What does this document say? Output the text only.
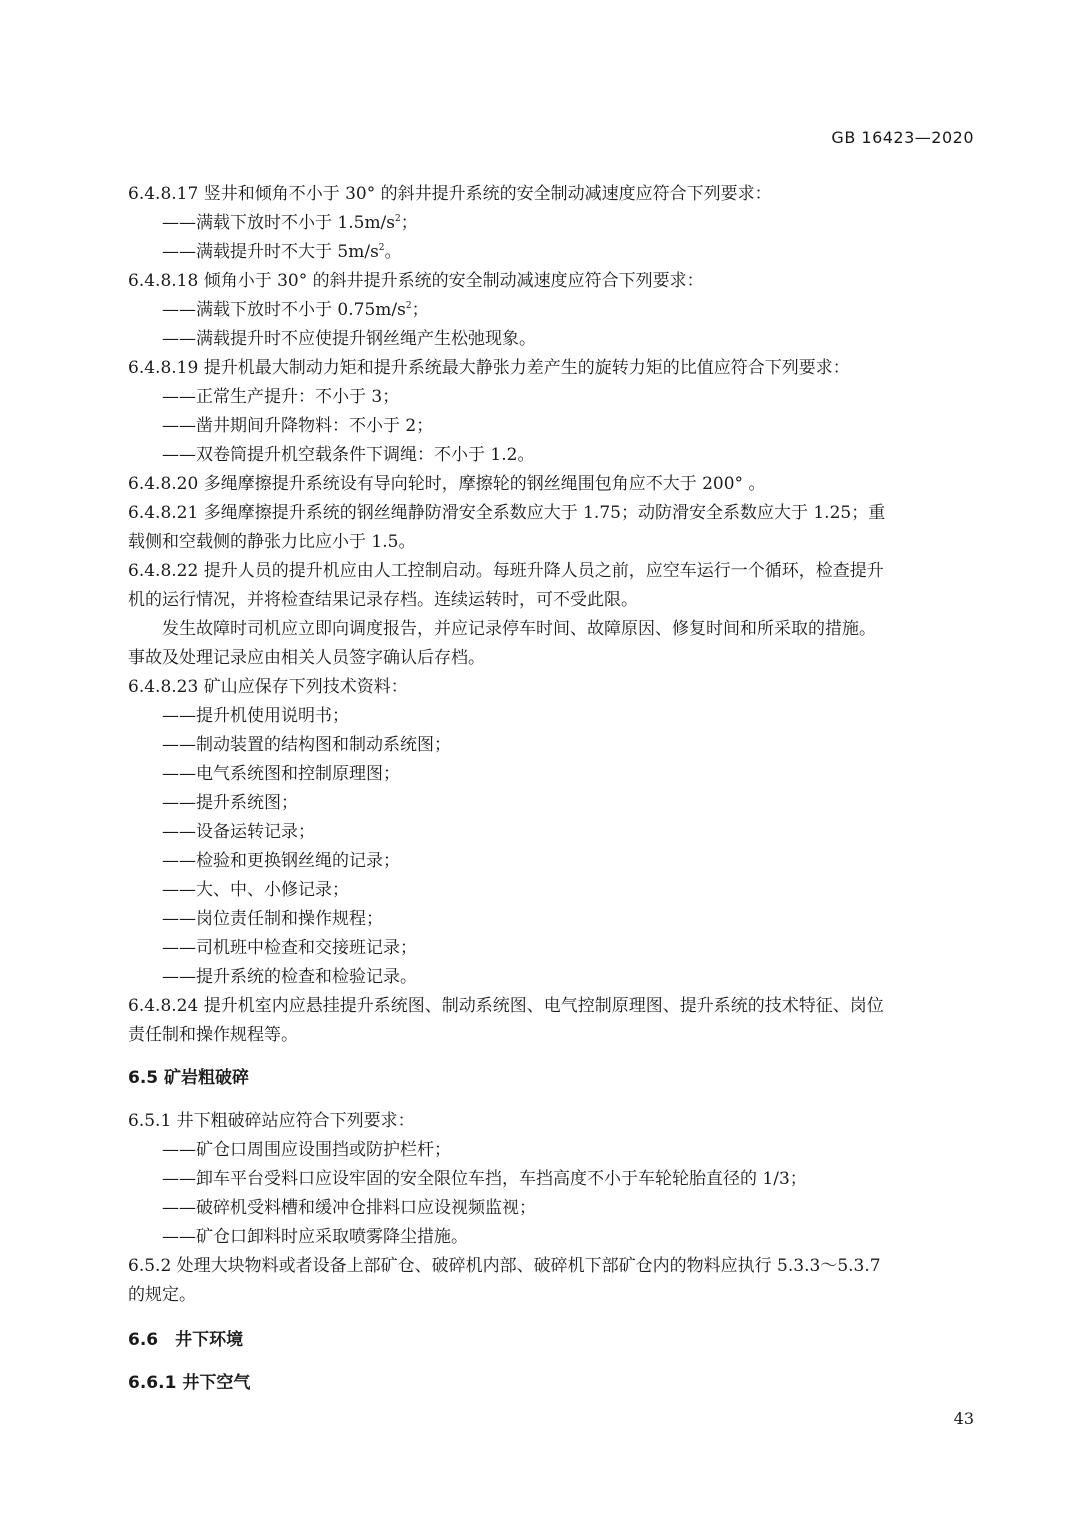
GB 16423—2020

6.4.8.17 竖井和倾角不小于 30° 的斜井提升系统的安全制动减速度应符合下列要求：

——满载下放时不小于 $1.5m/s^2$；

——满载提升时不大于 $5m/s^2$。

6.4.8.18 倾角小于 30° 的斜井提升系统的安全制动减速度应符合下列要求：

——满载下放时不小于 $0.75m/s^2$；

——满载提升时不应使提升钢丝绳产生松弛现象。

6.4.8.19 提升机最大制动力矩和提升系统最大静张力差产生的旋转力矩的比值应符合下列要求：

——正常生产提升：不小于 3；

——凿井期间升降物料：不小于 2；

——双卷筒提升机空载条件下调绳：不小于 1.2。

6.4.8.20 多绳摩擦提升系统设有导向轮时，摩擦轮的钢丝绳围包角应不大于 200° 。

6.4.8.21 多绳摩擦提升系统的钢丝绳静防滑安全系数应大于 1.75；动防滑安全系数应大于 1.25；重

载侧和空载侧的静张力比应小于 1.5。

6.4.8.22 提升人员的提升机应由人工控制启动。每班升降人员之前，应空车运行一个循环，检查提升

机的运行情况，并将检查结果记录存档。连续运转时，可不受此限。

发生故障时司机应立即向调度报告，并应记录停车时间、故障原因、修复时间和所采取的措施。

事故及处理记录应由相关人员签字确认后存档。

6.4.8.23 矿山应保存下列技术资料：

——提升机使用说明书；

——制动装置的结构图和制动系统图；

——电气系统图和控制原理图；

——提升系统图；

——设备运转记录；

——检验和更换钢丝绳的记录；

——大、中、小修记录；

——岗位责任制和操作规程；

——司机班中检查和交接班记录；

——提升系统的检查和检验记录。

6.4.8.24 提升机室内应悬挂提升系统图、制动系统图、电气控制原理图、提升系统的技术特征、岗位

责任制和操作规程等。

6.5 矿岩粗破碎

6.5.1 井下粗破碎站应符合下列要求：

——矿仓口周围应设围挡或防护栏杆；

——卸车平台受料口应设牢固的安全限位车挡，车挡高度不小于车轮轮胎直径的 1/3；

——破碎机受料槽和缓冲仓排料口应设视频监视；

——矿仓口卸料时应采取喷雾降尘措施。

6.5.2 处理大块物料或者设备上部矿仓、破碎机内部、破碎机下部矿仓内的物料应执行 5.3.3～5.3.7

的规定。

6.6　井下环境

6.6.1 井下空气

43
